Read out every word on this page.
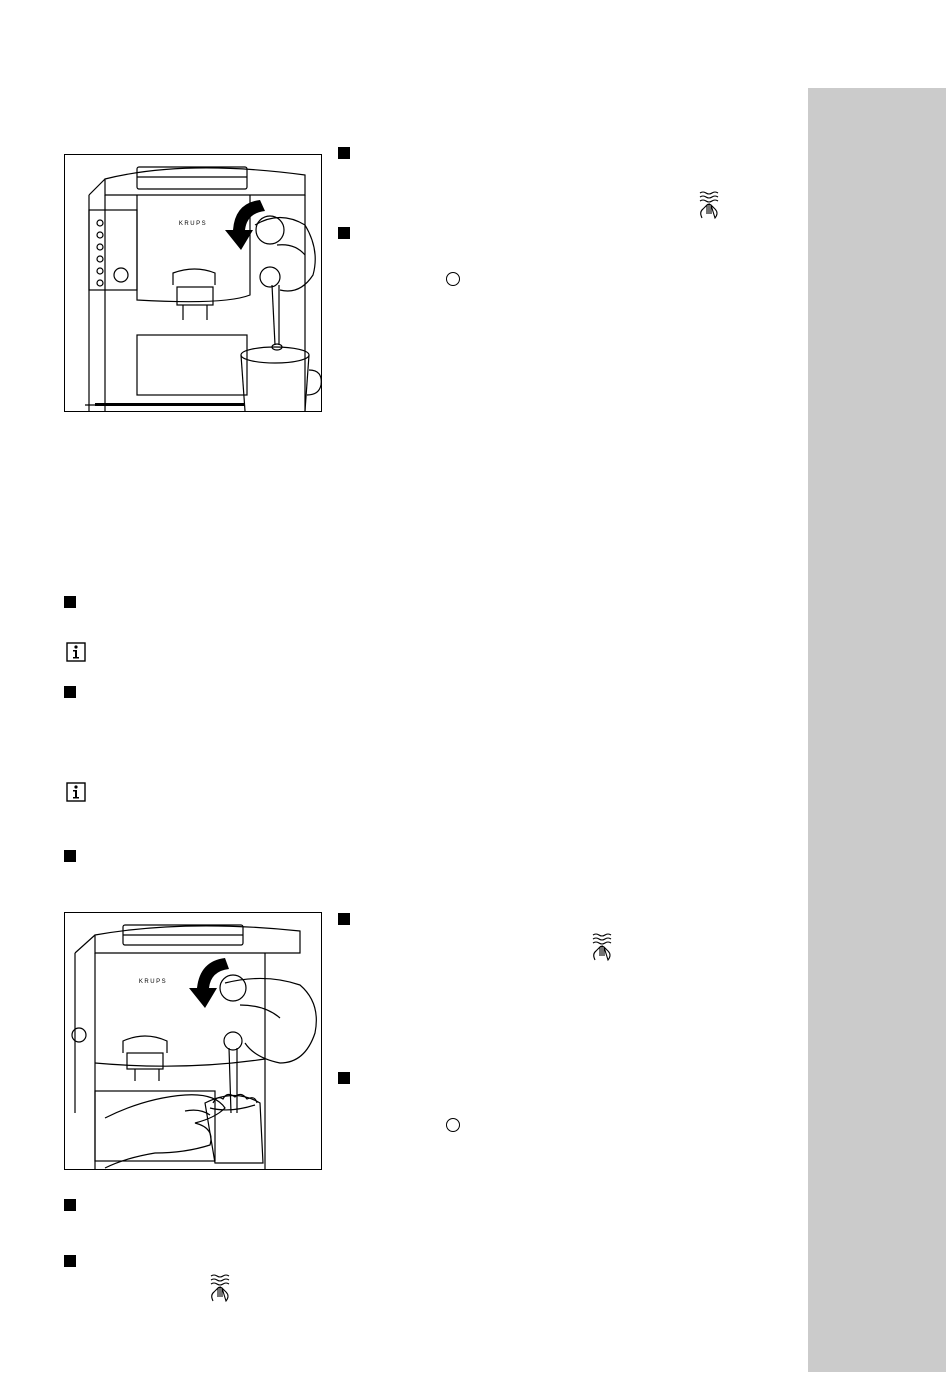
KRUPS
KRUPS
